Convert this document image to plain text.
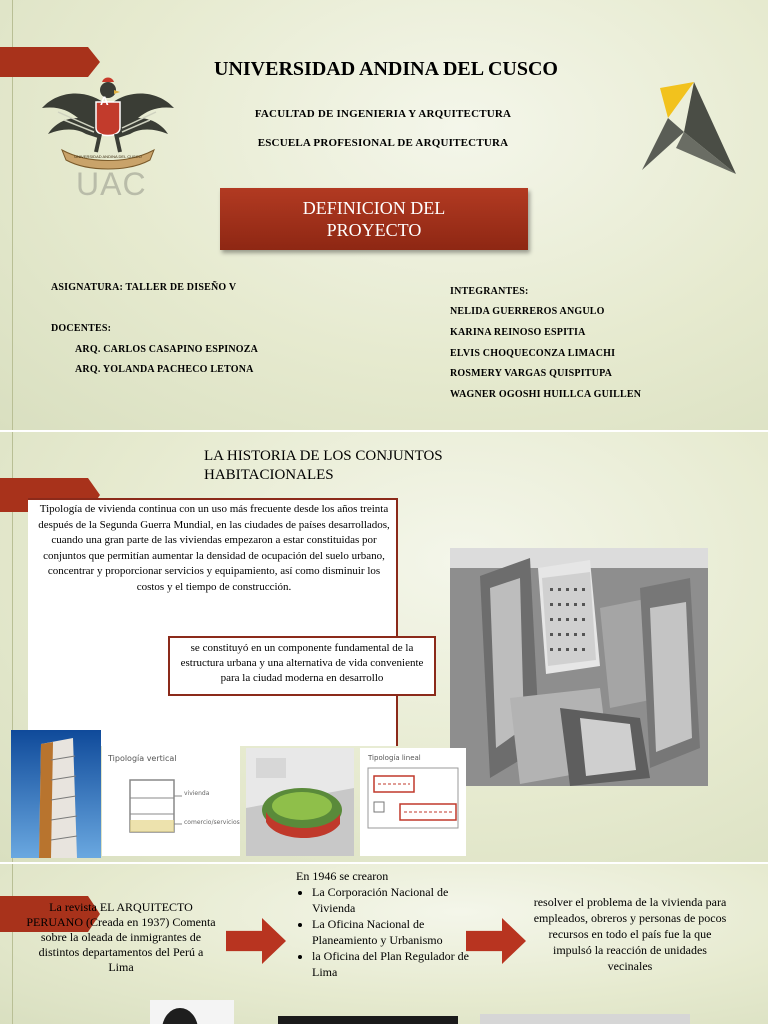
A
UNIVERSIDAD ANDINA DEL CUSCO
UAC
UNIVERSIDAD ANDINA DEL CUSCO
FACULTAD DE INGENIERIA Y ARQUITECTURA
ESCUELA PROFESIONAL DE ARQUITECTURA
DEFINICION DEL PROYECTO
ASIGNATURA: TALLER DE DISEÑO V
DOCENTES:
ARQ. CARLOS CASAPINO ESPINOZA
ARQ. YOLANDA PACHECO LETONA
INTEGRANTES:
NELIDA GUERREROS ANGULO
KARINA REINOSO ESPITIA
ELVIS CHOQUECONZA LIMACHI
ROSMERY VARGAS QUISPITUPA
WAGNER OGOSHI HUILLCA GUILLEN
LA HISTORIA DE LOS CONJUNTOS HABITACIONALES
Tipología de vivienda continua con un uso más frecuente desde los años treinta después de la Segunda Guerra Mundial, en las ciudades de países desarrollados, cuando una gran parte de las viviendas empezaron a estar constituidas por conjuntos que permitían aumentar la densidad de ocupación del suelo urbano, concentrar y proporcionar servicios y equipamiento, así como disminuir los costos y el tiempo de construcción.
se constituyó en un componente fundamental de la estructura urbana y una alternativa de vida conveniente para la ciudad moderna en desarrollo
Tipología vertical
vivienda
comercio/servicios
Tipología lineal
La revista EL ARQUITECTO PERUANO (Creada en 1937) Comenta sobre la oleada de inmigrantes de distintos departamentos del Perú a Lima
En 1946 se crearon
• La Corporación Nacional de Vivienda
• La Oficina Nacional de Planeamiento y Urbanismo
• la Oficina del Plan Regulador de Lima
resolver el problema de la vivienda para empleados, obreros y personas de pocos recursos en todo el país fue la que impulsó la reacción de unidades vecinales
